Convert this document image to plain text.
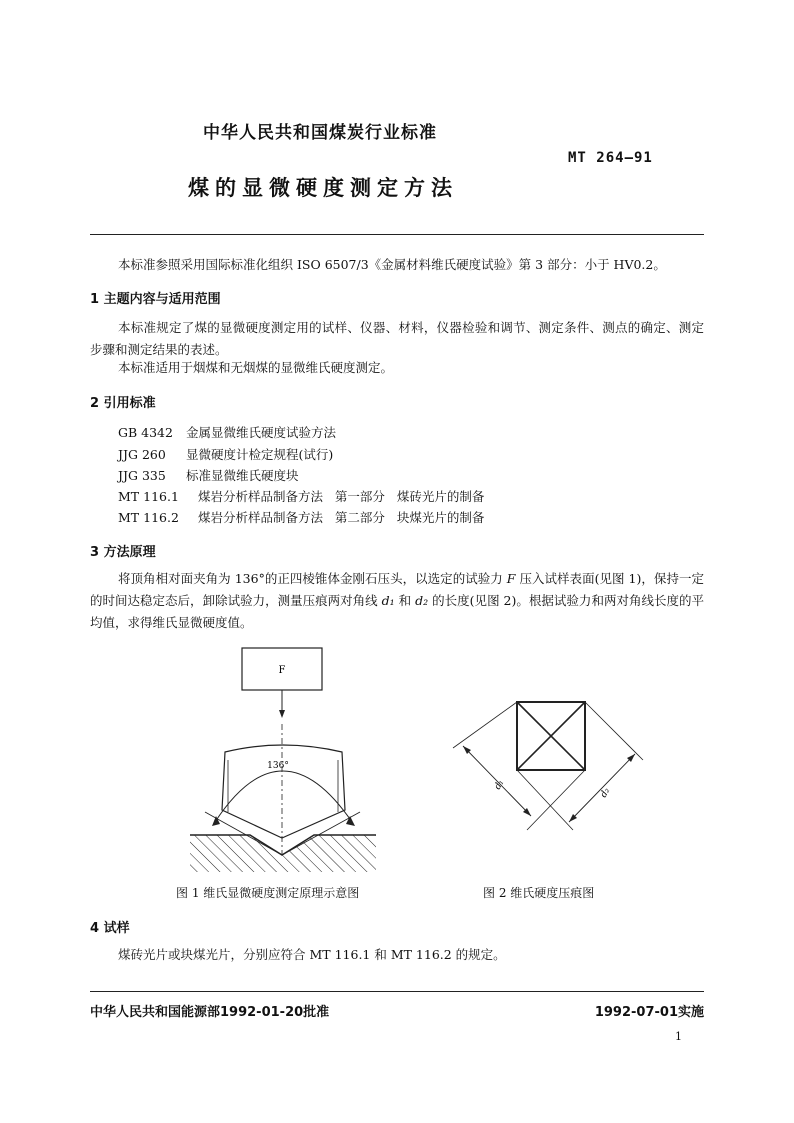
中华人民共和国煤炭行业标准
MT 264—91
煤的显微硬度测定方法
本标准参照采用国际标准化组织 ISO 6507/3《金属材料维氏硬度试验》第 3 部分：小于 HV0.2。
1 主题内容与适用范围
本标准规定了煤的显微硬度测定用的试样、仪器、材料，仪器检验和调节、测定条件、测点的确定、测定步骤和测定结果的表述。
本标准适用于烟煤和无烟煤的显微维氏硬度测定。
2 引用标准
GB 4342 金属显微维氏硬度试验方法
JJG 260 显微硬度计检定规程(试行)
JJG 335 标准显微维氏硬度块
MT 116.1 煤岩分析样品制备方法   第一部分   煤砖光片的制备
MT 116.2 煤岩分析样品制备方法   第二部分   块煤光片的制备
3 方法原理
将顶角相对面夹角为 136°的正四棱锥体金刚石压头，以选定的试验力 F 压入试样表面(见图 1)，保持一定的时间达稳定态后，卸除试验力，测量压痕两对角线 d₁ 和 d₂ 的长度(见图 2)。根据试验力和两对角线长度的平均值，求得维氏显微硬度值。
F
136°
d₁
d₂
图 1 维氏显微硬度测定原理示意图	图 2 维氏硬度压痕图
4 试样
煤砖光片或块煤光片，分别应符合 MT 116.1 和 MT 116.2 的规定。
中华人民共和国能源部1992-01-20批准	1992-07-01实施
1
